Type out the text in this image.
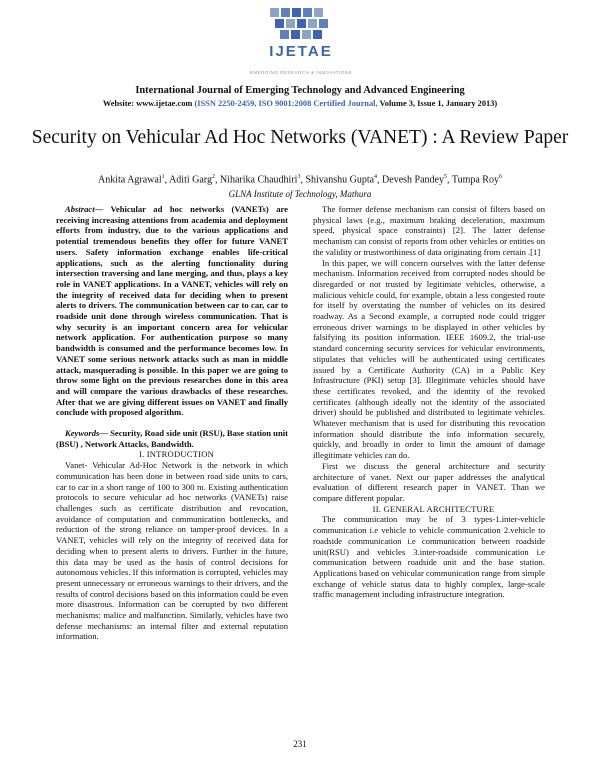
IJETAE
EMERGING RESEARCH & INNOVATIONS
International Journal of Emerging Technology and Advanced Engineering
Website: www.ijetae.com (ISSN 2250-2459, ISO 9001:2008 Certified Journal, Volume 3, Issue 1, January 2013)
Security on Vehicular Ad Hoc Networks (VANET) : A Review Paper
Ankita Agrawal$^1$, Aditi Garg$^2$, Niharika Chaudhiri$^3$, Shivanshu Gupta$^4$, Devesh Pandey$^5$, Tumpa Roy$^6$
GLNA Institute of Technology, Mathura

Abstract— Vehicular ad hoc networks (VANETs) are receiving increasing attentions from academia and deployment efforts from industry, due to the various applications and potential tremendous benefits they offer for future VANET users. Safety information exchange enables life-critical applications, such as the alerting functionality during intersection traversing and lane merging, and thus, plays a key role in VANET applications. In a VANET, vehicles will rely on the integrity of received data for deciding when to present alerts to drivers. The communication between car to car, car to roadside unit done through wireless communication. That is why security is an important concern area for vehicular network application. For authentication purpose so many bandwidth is consumed and the performance becomes low. In VANET some serious network attacks such as man in middle attack, masquerading is possible. In this paper we are going to throw some light on the previous researches done in this area and will compare the various drawbacks of these researches. After that we are giving different issues on VANET and finally conclude with proposed algorithm.

Keywords— Security, Road side unit (RSU), Base station unit (BSU) , Network Attacks, Bandwidth.

I. INTRODUCTION

Vanet- Vehicular Ad-Hoc Network is the network in which communication has been done in between road side units to cars, car to car in a short range of 100 to 300 m. Existing authentication protocols to secure vehicular ad hoc networks (VANETs) raise challenges such as certificate distribution and revocation, avoidance of computation and communication bottlenecks, and reduction of the strong reliance on tamper-proof devices. In a VANET, vehicles will rely on the integrity of received data for deciding when to present alerts to drivers. Further in the future, this data may be used as the basis of control decisions for autonomous vehicles. If this information is corrupted, vehicles may present unnecessary or erroneous warnings to their drivers, and the results of control decisions based on this information could be even more disastrous. Information can be corrupted by two different mechanisms: malice and malfunction. Similarly, vehicles have two defense mechanisms: an internal filter and external reputation information.

The former defense mechanism can consist of filters based on physical laws (e.g., maximum braking deceleration, maximum speed, physical space constraints) [2]. The latter defense mechanism can consist of reports from other vehicles or entities on the validity or trustworthiness of data originating from certain .[1]

In this paper, we will concern ourselves with the latter defense mechanism. Information received from corrupted nodes should be disregarded or not trusted by legitimate vehicles, otherwise, a malicious vehicle could, for example, obtain a less congested route for itself by overstating the number of vehicles on its desired roadway. As a Second example, a corrupted node could trigger erroneous driver warnings to be displayed in other vehicles by falsifying its position information. IEEE 1609.2, the trial-use standard concerning security services for vehicular environments, stipulates that vehicles will be authenticated using certificates issued by a Certificate Authority (CA) in a Public Key Infrastructure (PKI) setup [3]. Illegitimate vehicles should have these certificates revoked, and the identity of the revoked certificates (although ideally not the identity of the associated driver) should be published and distributed to legitimate vehicles. Whatever mechanism that is used for distributing this revocation information should distribute the info information securely, quickly, and broadly in order to limit the amount of damage illegitimate vehicles can do.

First we discuss the general architecture and security architecture of vanet. Next our paper addresses the analytical evaluation of different research paper in VANET. Than we compare different popular.

II. GENERAL ARCHITECTURE

The communication may be of 3 types-1.inter-vehicle communication i.e vehicle to vehicle communication 2.vehicle to roadside communication i.e communication between roadside unit(RSU) and vehicles 3.inter-roadside communication i.e communication between roadside unit and the base station. Applications based on vehicular communication range from simple exchange of vehicle status data to highly complex, large-scale traffic management including infrastructure integration.

231
